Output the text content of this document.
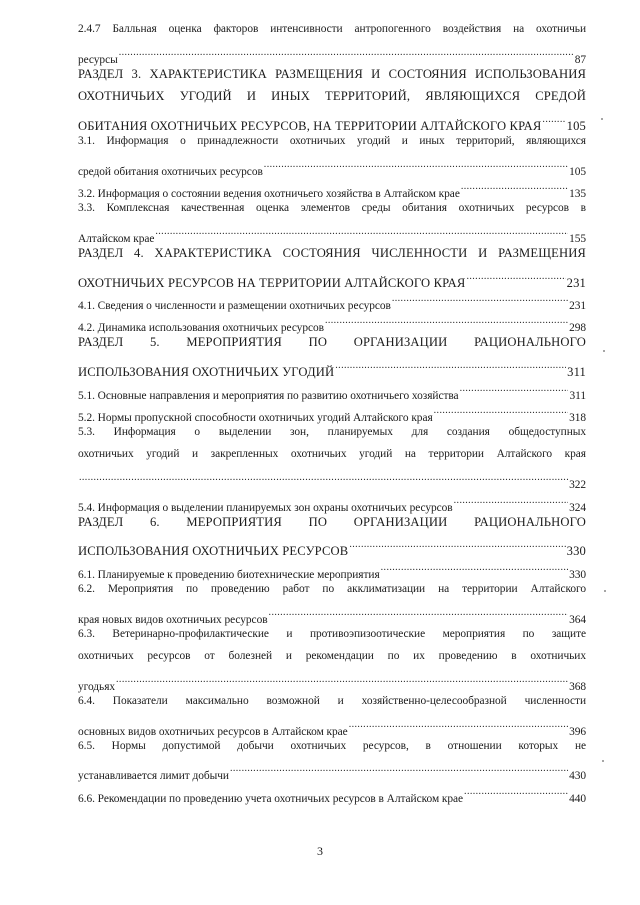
2.4.7 Балльная оценка факторов интенсивности антропогенного воздействия на охотничьи
ресурсы .....	87
РАЗДЕЛ 3. ХАРАКТЕРИСТИКА РАЗМЕЩЕНИЯ И СОСТОЯНИЯ ИСПОЛЬЗОВАНИЯ
ОХОТНИЧЬИХ УГОДИЙ И ИНЫХ ТЕРРИТОРИЙ, ЯВЛЯЮЩИХСЯ СРЕДОЙ
ОБИТАНИЯ ОХОТНИЧЬИХ РЕСУРСОВ, НА ТЕРРИТОРИИ АЛТАЙСКОГО КРАЯ ..... 105
3.1. Информация о принадлежности охотничьих угодий и иных территорий, являющихся
средой обитания охотничьих ресурсов .....	105
3.2. Информация о состоянии ведения охотничьего хозяйства в Алтайском крае .....	135
3.3. Комплексная качественная оценка элементов среды обитания охотничьих ресурсов в
Алтайском крае .....	155
РАЗДЕЛ 4. ХАРАКТЕРИСТИКА СОСТОЯНИЯ ЧИСЛЕННОСТИ И РАЗМЕЩЕНИЯ
ОХОТНИЧЬИХ РЕСУРСОВ НА ТЕРРИТОРИИ АЛТАЙСКОГО КРАЯ .....	231
4.1. Сведения о численности и размещении охотничьих ресурсов .....	231
4.2. Динамика использования охотничьих ресурсов .....	298
РАЗДЕЛ 5. МЕРОПРИЯТИЯ ПО ОРГАНИЗАЦИИ РАЦИОНАЛЬНОГО
ИСПОЛЬЗОВАНИЯ ОХОТНИЧЬИХ УГОДИЙ .....	311
5.1. Основные направления и мероприятия по развитию охотничьего хозяйства .....	311
5.2. Нормы пропускной способности охотничьих угодий Алтайского края .....	318
5.3. Информация о выделении зон, планируемых для создания общедоступных
охотничьих угодий и закрепленных охотничьих угодий на территории Алтайского края
.....
322
5.4. Информация о выделении планируемых зон охраны охотничьих ресурсов .....	324
РАЗДЕЛ 6. МЕРОПРИЯТИЯ ПО ОРГАНИЗАЦИИ РАЦИОНАЛЬНОГО
ИСПОЛЬЗОВАНИЯ ОХОТНИЧЬИХ РЕСУРСОВ .....	330
6.1. Планируемые к проведению биотехнические мероприятия .....	330
6.2. Мероприятия по проведению работ по акклиматизации на территории Алтайского
края новых видов охотничьих ресурсов .....	364
6.3. Ветеринарно-профилактические и противоэпизоотические мероприятия по защите
охотничьих ресурсов от болезней и рекомендации по их проведению в охотничьих
угодьях .....	368
6.4. Показатели максимально возможной и хозяйственно-целесообразной численности
основных видов охотничьих ресурсов в Алтайском крае .....	396
6.5. Нормы допустимой добычи охотничьих ресурсов, в отношении которых не
устанавливается лимит добычи .....	430
6.6. Рекомендации по проведению учета охотничьих ресурсов в Алтайском крае .....	440
3
